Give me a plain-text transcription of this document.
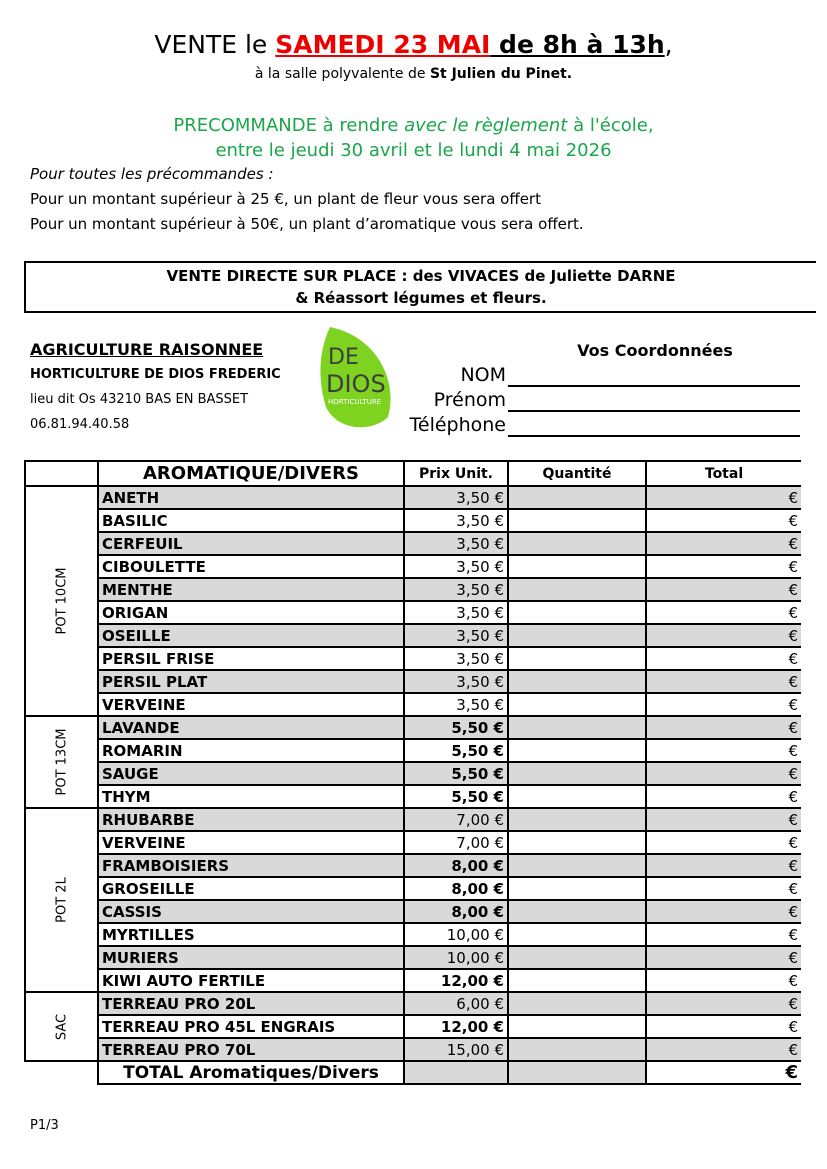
VENTE le SAMEDI 23 MAI de 8h à 13h,
à la salle polyvalente de St Julien du Pinet.
PRECOMMANDE à rendre avec le règlement à l'école,
entre le jeudi 30 avril et le lundi 4 mai 2026
Pour toutes les précommandes :
Pour un montant supérieur à 25 €, un plant de fleur vous sera offert
Pour un montant supérieur à 50€, un plant d’aromatique vous sera offert.
VENTE DIRECTE SUR PLACE : des VIVACES de Juliette DARNE
& Réassort légumes et fleurs.
AGRICULTURE RAISONNEE
HORTICULTURE DE DIOS FREDERIC
lieu dit Os 43210 BAS EN BASSET
06.81.94.40.58
DE
DIOS
HORTICULTURE
Vos Coordonnées
NOM
Prénom
Téléphone
	AROMATIQUE/DIVERS	Prix Unit.	Quantité	Total

POT 10CM	ANETH	3,50 €		€
	BASILIC	3,50 €		€
	CERFEUIL	3,50 €		€
	CIBOULETTE	3,50 €		€
	MENTHE	3,50 €		€
	ORIGAN	3,50 €		€
	OSEILLE	3,50 €		€
	PERSIL FRISE	3,50 €		€
	PERSIL PLAT	3,50 €		€
	VERVEINE	3,50 €		€

POT 13CM	LAVANDE	5,50 €		€
	ROMARIN	5,50 €		€
	SAUGE	5,50 €		€
	THYM	5,50 €		€

POT 2L	RHUBARBE	7,00 €		€
	VERVEINE	7,00 €		€
	FRAMBOISIERS	8,00 €		€
	GROSEILLE	8,00 €		€
	CASSIS	8,00 €		€
	MYRTILLES	10,00 €		€
	MURIERS	10,00 €		€
	KIWI AUTO FERTILE	12,00 €		€

SAC	TERREAU PRO 20L	6,00 €		€
	TERREAU PRO 45L ENGRAIS	12,00 €		€
	TERREAU PRO 70L	15,00 €		€
	TOTAL Aromatiques/Divers			€
P1/3
